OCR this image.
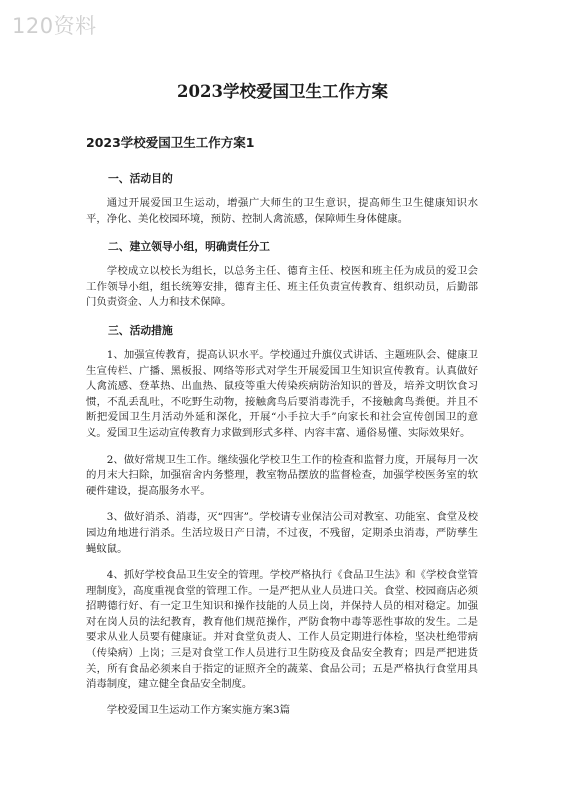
120资料
2023学校爱国卫生工作方案
2023学校爱国卫生工作方案1
一、活动目的
通过开展爱国卫生运动，增强广大师生的卫生意识，提高师生卫生健康知识水平，净化、美化校园环境，预防、控制人禽流感，保障师生身体健康。
二、建立领导小组，明确责任分工
学校成立以校长为组长，以总务主任、德育主任、校医和班主任为成员的爱卫会工作领导小组，组长统筹安排，德育主任、班主任负责宣传教育、组织动员，后勤部门负责资金、人力和技术保障。
三、活动措施
1、加强宣传教育，提高认识水平。学校通过升旗仪式讲话、主题班队会、健康卫生宣传栏、广播、黑板报、网络等形式对学生开展爱国卫生知识宣传教育。认真做好人禽流感、登革热、出血热、鼠疫等重大传染疾病防治知识的普及，培养文明饮食习惯，不乱丢乱吐，不吃野生动物，接触禽鸟后要消毒洗手，不接触禽鸟粪便。并且不断把爱国卫生月活动外延和深化，开展“小手拉大手”向家长和社会宣传创国卫的意义。爱国卫生运动宣传教育力求做到形式多样、内容丰富、通俗易懂、实际效果好。
2、做好常规卫生工作。继续强化学校卫生工作的检查和监督力度，开展每月一次的月末大扫除，加强宿舍内务整理，教室物品摆放的监督检查，加强学校医务室的软硬件建设，提高服务水平。
3、做好消杀、消毒，灭“四害”。学校请专业保洁公司对教室、功能室、食堂及校园边角地进行消杀。生活垃圾日产日清，不过夜，不残留，定期杀虫消毒，严防孳生蝇蚊鼠。
4、抓好学校食品卫生安全的管理。学校严格执行《食品卫生法》和《学校食堂管理制度》，高度重视食堂的管理工作。一是严把从业人员进口关。食堂、校园商店必须招聘德行好、有一定卫生知识和操作技能的人员上岗，并保持人员的相对稳定。加强对在岗人员的法纪教育，教育他们规范操作，严防食物中毒等恶性事故的发生。二是要求从业人员要有健康证。并对食堂负责人、工作人员定期进行体检，坚决杜绝带病（传染病）上岗；三是对食堂工作人员进行卫生防疫及食品安全教育；四是严把进货关，所有食品必须来自于指定的证照齐全的蔬菜、食品公司；五是严格执行食堂用具消毒制度，建立健全食品安全制度。
学校爱国卫生运动工作方案实施方案3篇
